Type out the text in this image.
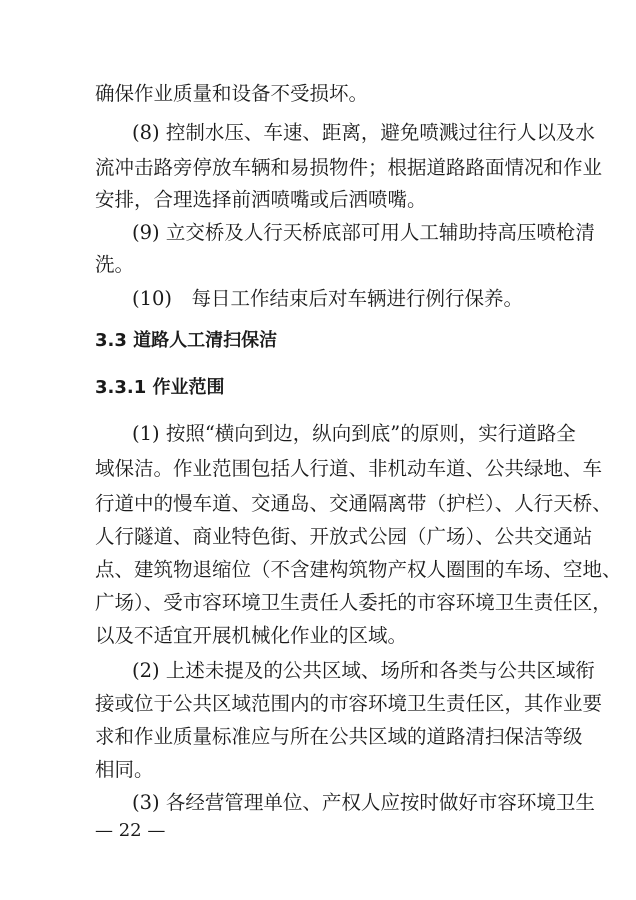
确保作业质量和设备不受损坏。
(8) 控制水压、车速、距离，避免喷溅过往行人以及水
流冲击路旁停放车辆和易损物件；根据道路路面情况和作业
安排，合理选择前洒喷嘴或后洒喷嘴。
(9) 立交桥及人行天桥底部可用人工辅助持高压喷枪清
洗。
(10)　每日工作结束后对车辆进行例行保养。
3.3 道路人工清扫保洁
3.3.1 作业范围
(1) 按照“横向到边，纵向到底”的原则，实行道路全
域保洁。作业范围包括人行道、非机动车道、公共绿地、车
行道中的慢车道、交通岛、交通隔离带（护栏）、人行天桥、
人行隧道、商业特色街、开放式公园（广场）、公共交通站
点、建筑物退缩位（不含建构筑物产权人圈围的车场、空地、
广场）、受市容环境卫生责任人委托的市容环境卫生责任区，
以及不适宜开展机械化作业的区域。
(2) 上述未提及的公共区域、场所和各类与公共区域衔
接或位于公共区域范围内的市容环境卫生责任区，其作业要
求和作业质量标准应与所在公共区域的道路清扫保洁等级
相同。
(3) 各经营管理单位、产权人应按时做好市容环境卫生
— 22 —
